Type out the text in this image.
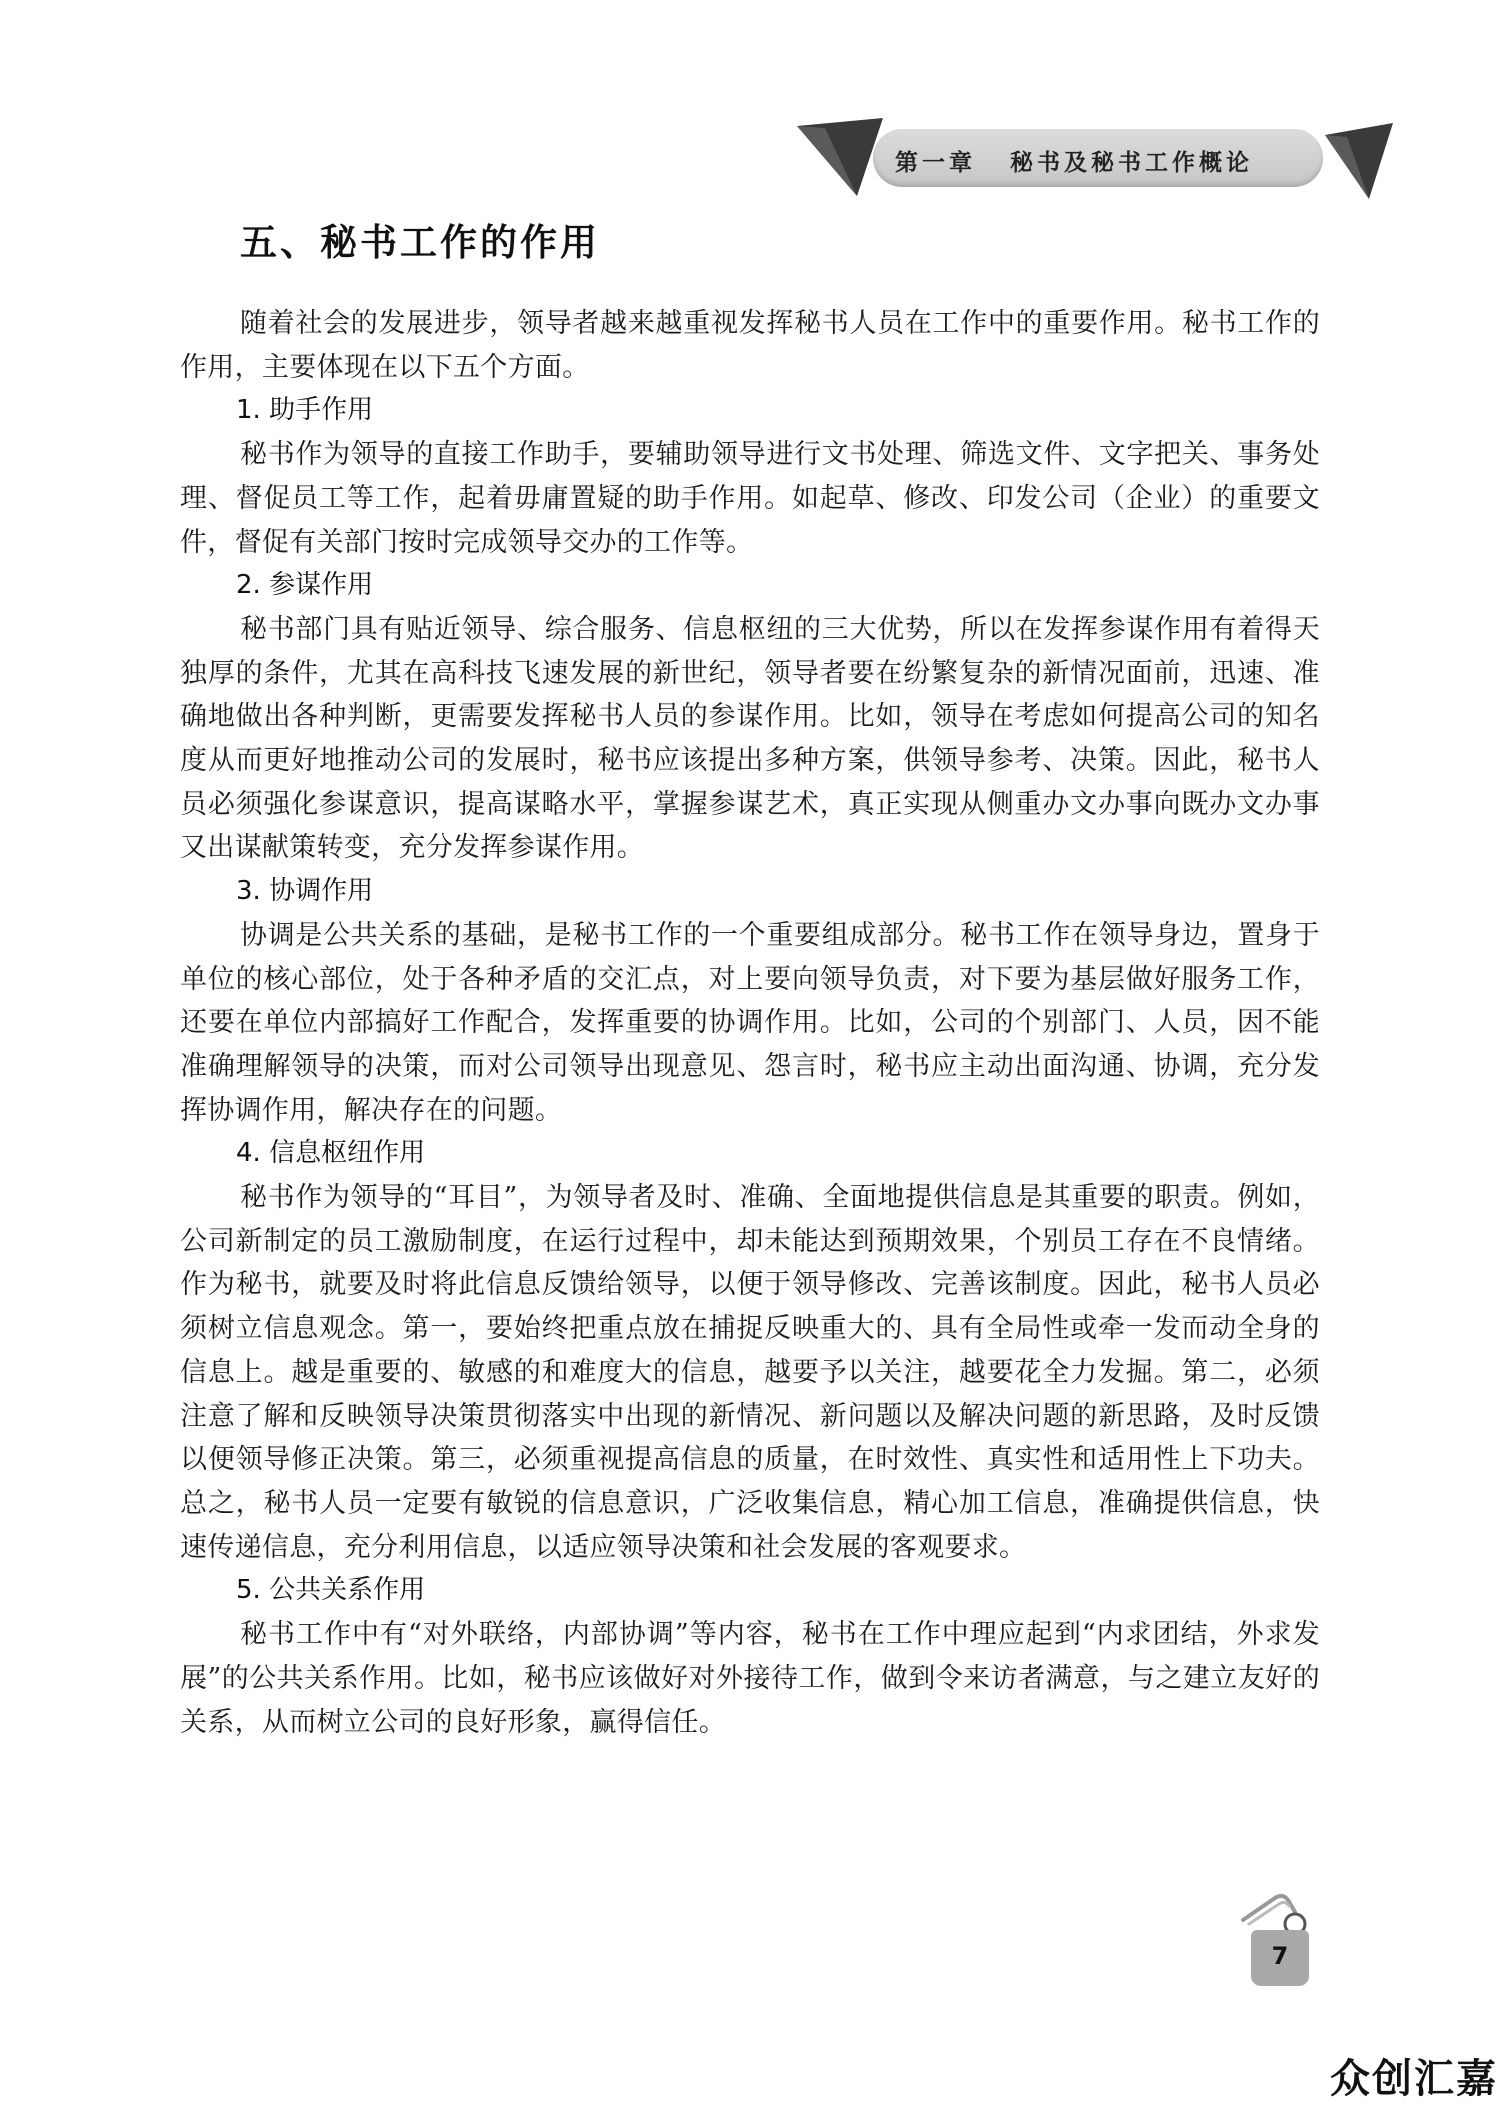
第一章 秘书及秘书工作概论
五、秘书工作的作用

随着社会的发展进步，领导者越来越重视发挥秘书人员在工作中的重要作用。秘书工作的作用，主要体现在以下五个方面。

1. 助手作用

秘书作为领导的直接工作助手，要辅助领导进行文书处理、筛选文件、文字把关、事务处理、督促员工等工作，起着毋庸置疑的助手作用。如起草、修改、印发公司（企业）的重要文件，督促有关部门按时完成领导交办的工作等。

2. 参谋作用

秘书部门具有贴近领导、综合服务、信息枢纽的三大优势，所以在发挥参谋作用有着得天独厚的条件，尤其在高科技飞速发展的新世纪，领导者要在纷繁复杂的新情况面前，迅速、准确地做出各种判断，更需要发挥秘书人员的参谋作用。比如，领导在考虑如何提高公司的知名度从而更好地推动公司的发展时，秘书应该提出多种方案，供领导参考、决策。因此，秘书人员必须强化参谋意识，提高谋略水平，掌握参谋艺术，真正实现从侧重办文办事向既办文办事又出谋献策转变，充分发挥参谋作用。

3. 协调作用

协调是公共关系的基础，是秘书工作的一个重要组成部分。秘书工作在领导身边，置身于单位的核心部位，处于各种矛盾的交汇点，对上要向领导负责，对下要为基层做好服务工作，还要在单位内部搞好工作配合，发挥重要的协调作用。比如，公司的个别部门、人员，因不能准确理解领导的决策，而对公司领导出现意见、怨言时，秘书应主动出面沟通、协调，充分发挥协调作用，解决存在的问题。

4. 信息枢纽作用

秘书作为领导的“耳目”，为领导者及时、准确、全面地提供信息是其重要的职责。例如，公司新制定的员工激励制度，在运行过程中，却未能达到预期效果，个别员工存在不良情绪。作为秘书，就要及时将此信息反馈给领导，以便于领导修改、完善该制度。因此，秘书人员必须树立信息观念。第一，要始终把重点放在捕捉反映重大的、具有全局性或牵一发而动全身的信息上。越是重要的、敏感的和难度大的信息，越要予以关注，越要花全力发掘。第二，必须注意了解和反映领导决策贯彻落实中出现的新情况、新问题以及解决问题的新思路，及时反馈以便领导修正决策。第三，必须重视提高信息的质量，在时效性、真实性和适用性上下功夫。总之，秘书人员一定要有敏锐的信息意识，广泛收集信息，精心加工信息，准确提供信息，快速传递信息，充分利用信息，以适应领导决策和社会发展的客观要求。

5. 公共关系作用

秘书工作中有“对外联络，内部协调”等内容，秘书在工作中理应起到“内求团结，外求发展”的公共关系作用。比如，秘书应该做好对外接待工作，做到令来访者满意，与之建立友好的关系，从而树立公司的良好形象，赢得信任。

7
众创汇嘉
